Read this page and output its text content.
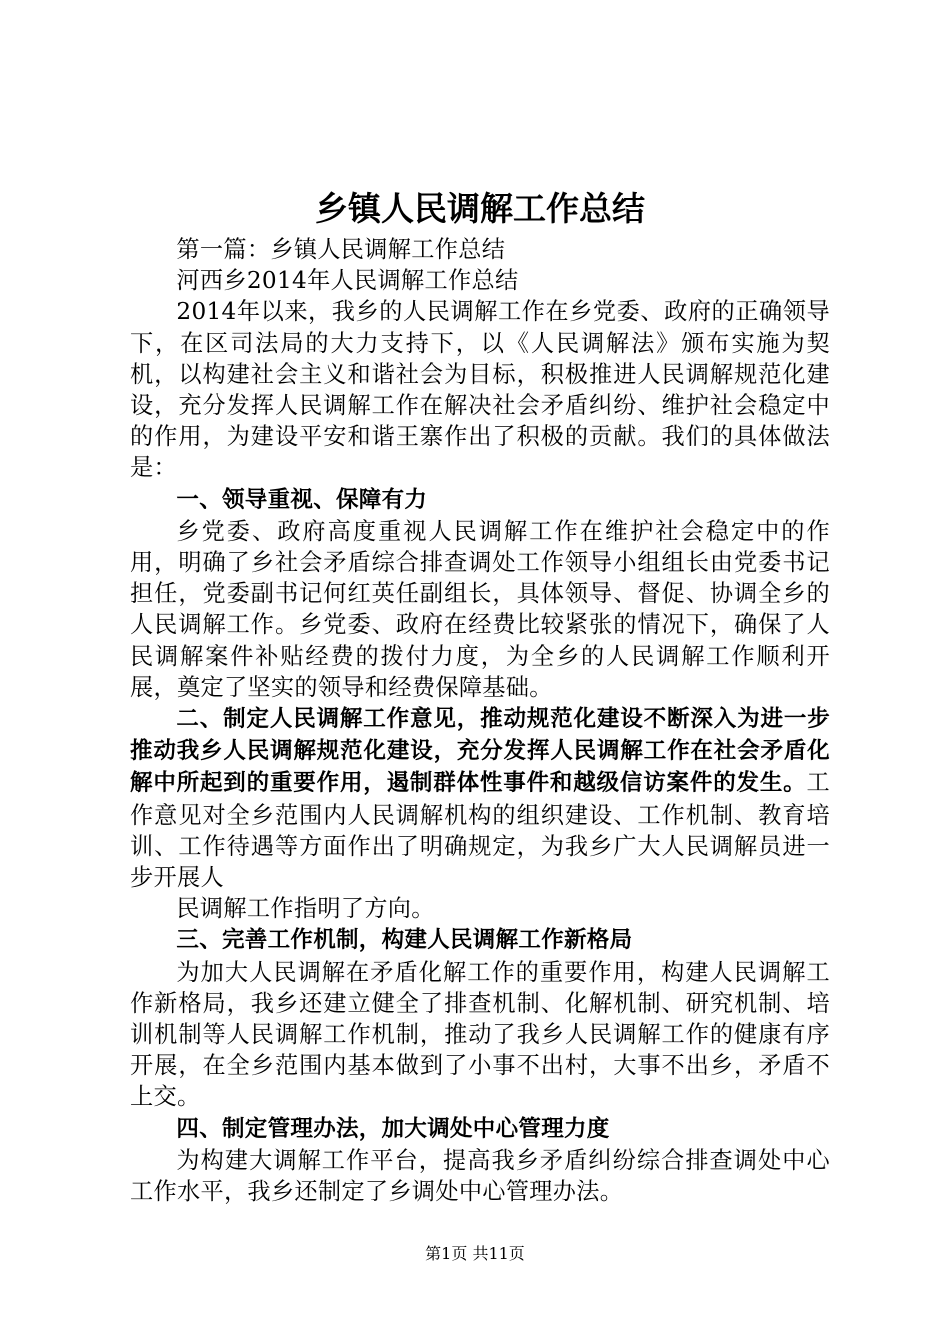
乡镇人民调解工作总结

第一篇：乡镇人民调解工作总结

河西乡2014年人民调解工作总结

2014年以来，我乡的人民调解工作在乡党委、政府的正确领导下，在区司法局的大力支持下，以《人民调解法》颁布实施为契机，以构建社会主义和谐社会为目标，积极推进人民调解规范化建设，充分发挥人民调解工作在解决社会矛盾纠纷、维护社会稳定中的作用，为建设平安和谐王寨作出了积极的贡献。我们的具体做法是：

一、领导重视、保障有力

乡党委、政府高度重视人民调解工作在维护社会稳定中的作用，明确了乡社会矛盾综合排查调处工作领导小组组长由党委书记担任，党委副书记何红英任副组长，具体领导、督促、协调全乡的人民调解工作。乡党委、政府在经费比较紧张的情况下，确保了人民调解案件补贴经费的拨付力度，为全乡的人民调解工作顺利开展，奠定了坚实的领导和经费保障基础。

二、制定人民调解工作意见，推动规范化建设不断深入为进一步推动我乡人民调解规范化建设，充分发挥人民调解工作在社会矛盾化解中所起到的重要作用，遏制群体性事件和越级信访案件的发生。工作意见对全乡范围内人民调解机构的组织建设、工作机制、教育培训、工作待遇等方面作出了明确规定，为我乡广大人民调解员进一步开展人

民调解工作指明了方向。

三、完善工作机制，构建人民调解工作新格局

为加大人民调解在矛盾化解工作的重要作用，构建人民调解工作新格局，我乡还建立健全了排查机制、化解机制、研究机制、培训机制等人民调解工作机制，推动了我乡人民调解工作的健康有序开展，在全乡范围内基本做到了小事不出村，大事不出乡，矛盾不上交。

四、制定管理办法，加大调处中心管理力度

为构建大调解工作平台，提高我乡矛盾纠纷综合排查调处中心工作水平，我乡还制定了乡调处中心管理办法。

第1页 共11页
